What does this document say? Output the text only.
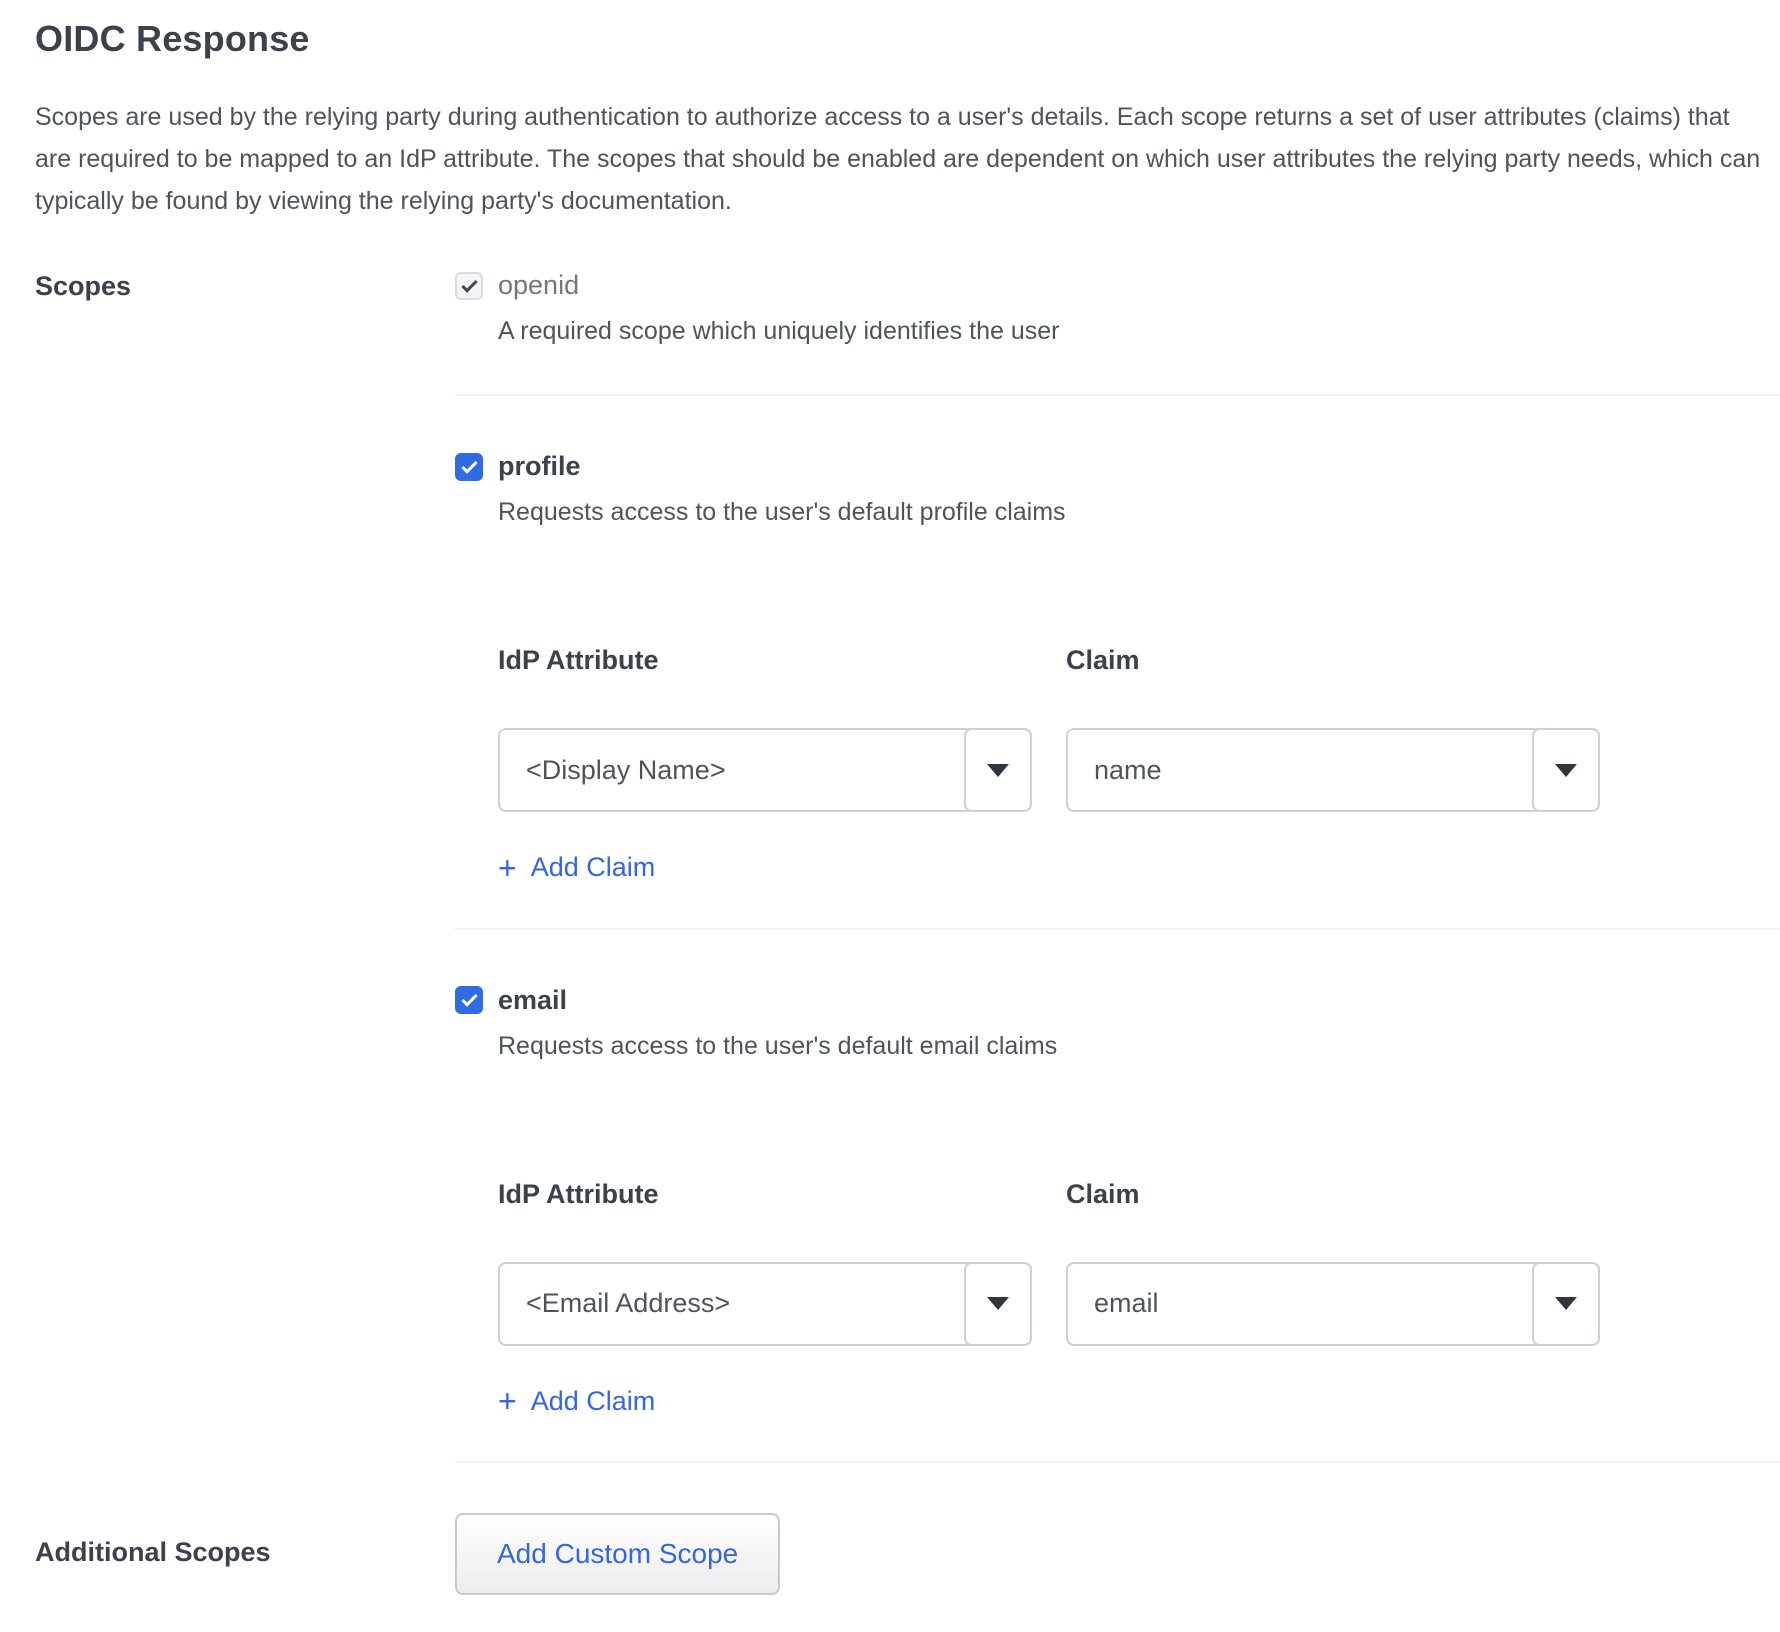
OIDC Response

Scopes are used by the relying party during authentication to authorize access to a user's details. Each scope returns a set of user attributes (claims) that are required to be mapped to an IdP attribute. The scopes that should be enabled are dependent on which user attributes the relying party needs, which can typically be found by viewing the relying party's documentation.

Scopes	openid
A required scope which uniquely identifies the user
profile
Requests access to the user's default profile claims
IdP Attribute	Claim
<Display Name>	name
+ Add Claim
email
Requests access to the user's default email claims
IdP Attribute	Claim
<Email Address>	email
+ Add Claim
Additional Scopes	Add Custom Scope
